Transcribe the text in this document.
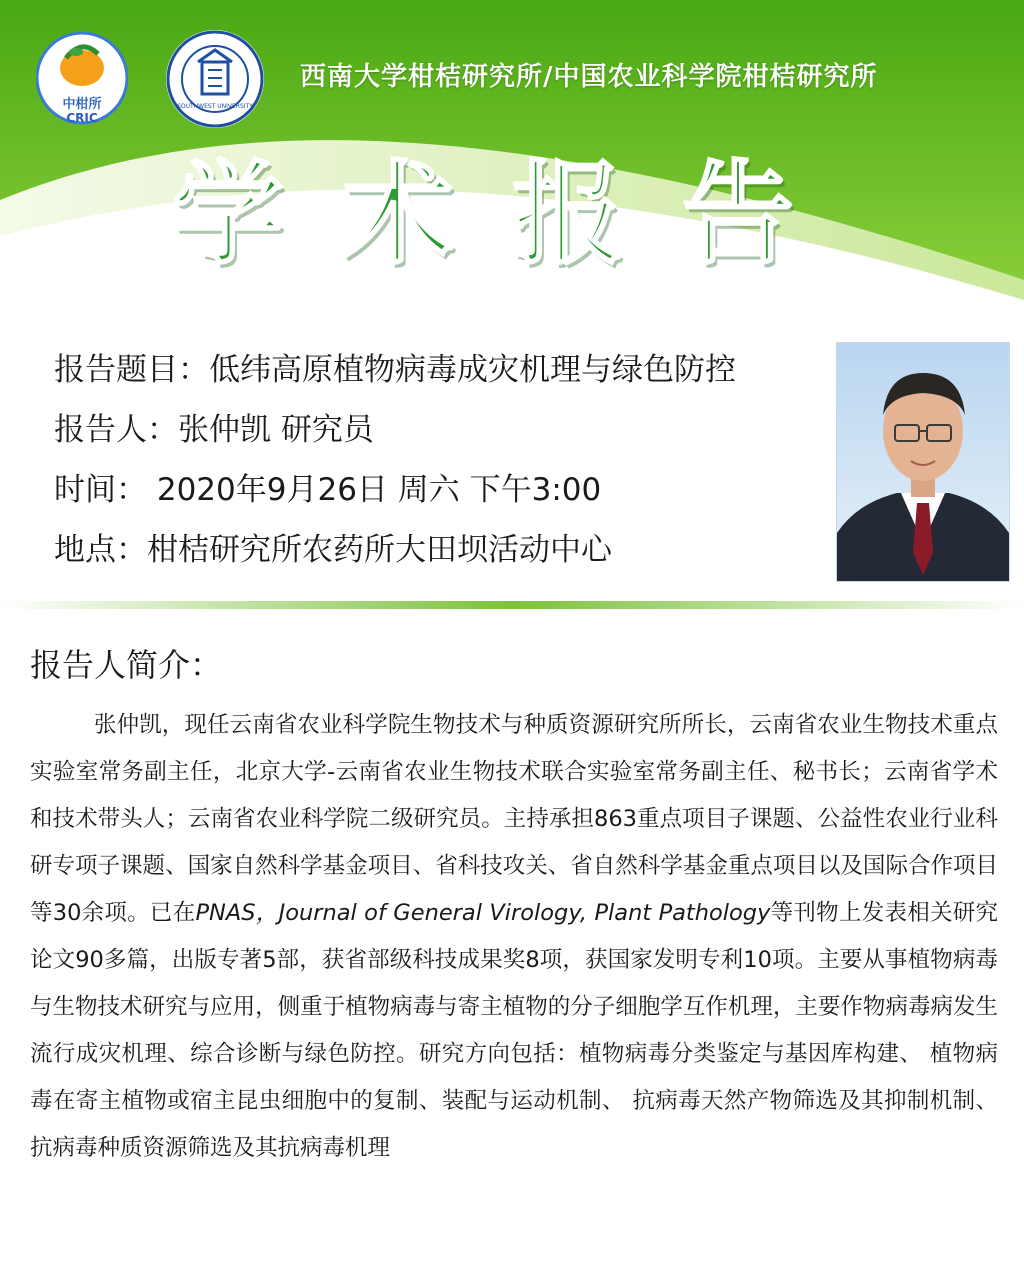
中柑所
CRIC
SOUTHWEST UNIVERSITY
西南大学柑桔研究所/中国农业科学院柑桔研究所
学术报告
报告题目：低纬高原植物病毒成灾机理与绿色防控
报告人：张仲凯 研究员
时间： 2020年9月26日 周六 下午3:00
地点：柑桔研究所农药所大田坝活动中心
报告人简介：

张仲凯，现任云南省农业科学院生物技术与种质资源研究所所长，云南省农业生物技术重点实验室常务副主任，北京大学-云南省农业生物技术联合实验室常务副主任、秘书长；云南省学术和技术带头人；云南省农业科学院二级研究员。主持承担863重点项目子课题、公益性农业行业科研专项子课题、国家自然科学基金项目、省科技攻关、省自然科学基金重点项目以及国际合作项目等30余项。已在PNAS，Journal of General Virology, Plant Pathology等刊物上发表相关研究论文90多篇，出版专著5部，获省部级科技成果奖8项，获国家发明专利10项。主要从事植物病毒与生物技术研究与应用，侧重于植物病毒与寄主植物的分子细胞学互作机理，主要作物病毒病发生流行成灾机理、综合诊断与绿色防控。研究方向包括：植物病毒分类鉴定与基因库构建、 植物病毒在寄主植物或宿主昆虫细胞中的复制、装配与运动机制、 抗病毒天然产物筛选及其抑制机制、 抗病毒种质资源筛选及其抗病毒机理
